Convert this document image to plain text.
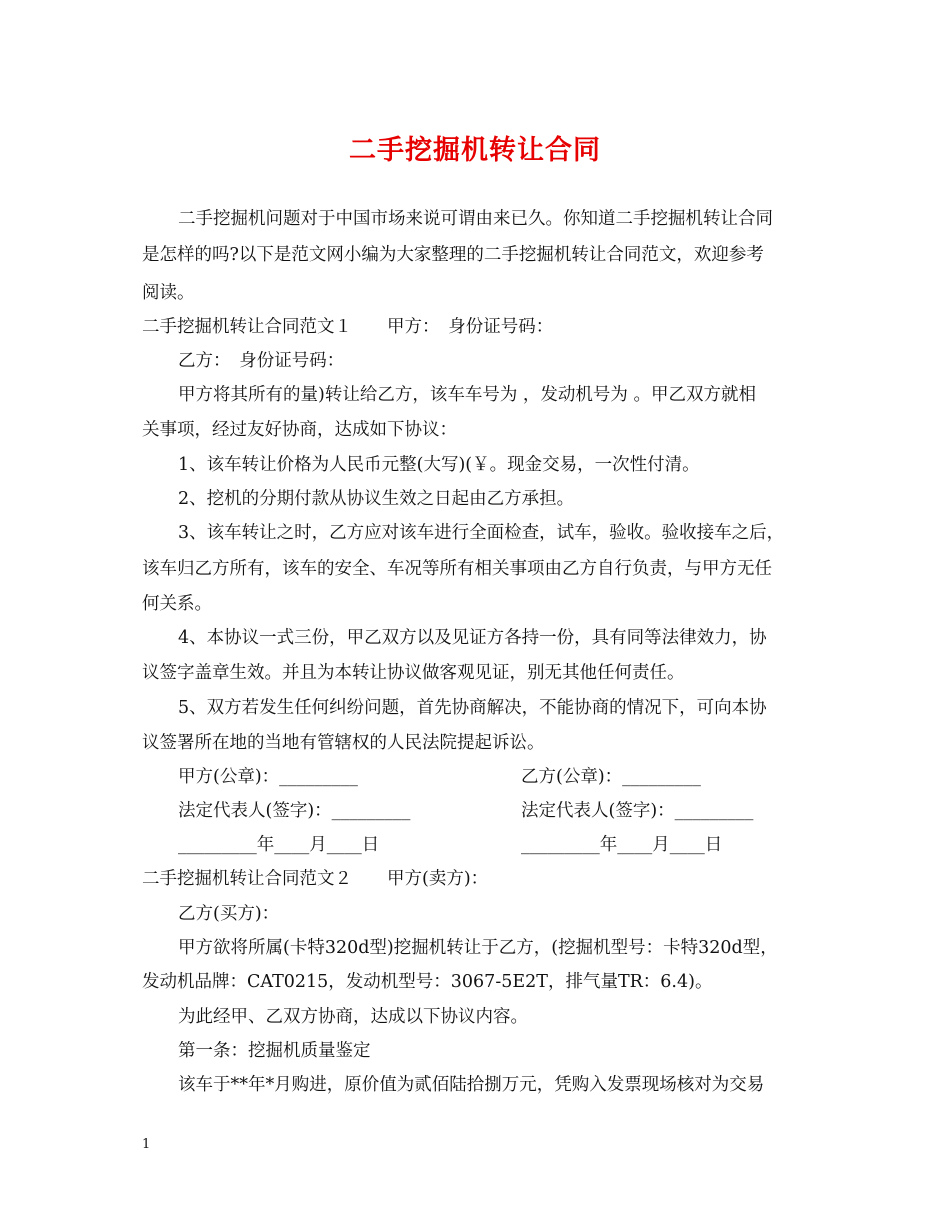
二手挖掘机转让合同
二手挖掘机问题对于中国市场来说可谓由来已久。你知道二手挖掘机转让合同
是怎样的吗?以下是范文网小编为大家整理的二手挖掘机转让合同范文，欢迎参考
阅读。
二手挖掘机转让合同范文１　　甲方：　身份证号码：
乙方：　身份证号码：
甲方将其所有的量)转让给乙方，该车车号为 ，发动机号为 。甲乙双方就相
关事项，经过友好协商，达成如下协议：
1、该车转让价格为人民币元整(大写)(￥。现金交易，一次性付清。
2、挖机的分期付款从协议生效之日起由乙方承担。
3、该车转让之时，乙方应对该车进行全面检查，试车，验收。验收接车之后，
该车归乙方所有，该车的安全、车况等所有相关事项由乙方自行负责，与甲方无任
何关系。
4、本协议一式三份，甲乙双方以及见证方各持一份，具有同等法律效力，协
议签字盖章生效。并且为本转让协议做客观见证，别无其他任何责任。
5、双方若发生任何纠纷问题，首先协商解决，不能协商的情况下，可向本协
议签署所在地的当地有管辖权的人民法院提起诉讼。
甲方(公章)：_________	乙方(公章)：_________
法定代表人(签字)：_________	法定代表人(签字)：_________
_________年____月____日	_________年____月____日
二手挖掘机转让合同范文２　　甲方(卖方)：
乙方(买方)：
甲方欲将所属(卡特320d型)挖掘机转让于乙方，(挖掘机型号：卡特320d型，
发动机品牌：CAT0215，发动机型号：3067-5E2T，排气量TR：6.4)。
为此经甲、乙双方协商，达成以下协议内容。
第一条：挖掘机质量鉴定
该车于**年*月购进，原价值为贰佰陆拾捌万元，凭购入发票现场核对为交易
1
